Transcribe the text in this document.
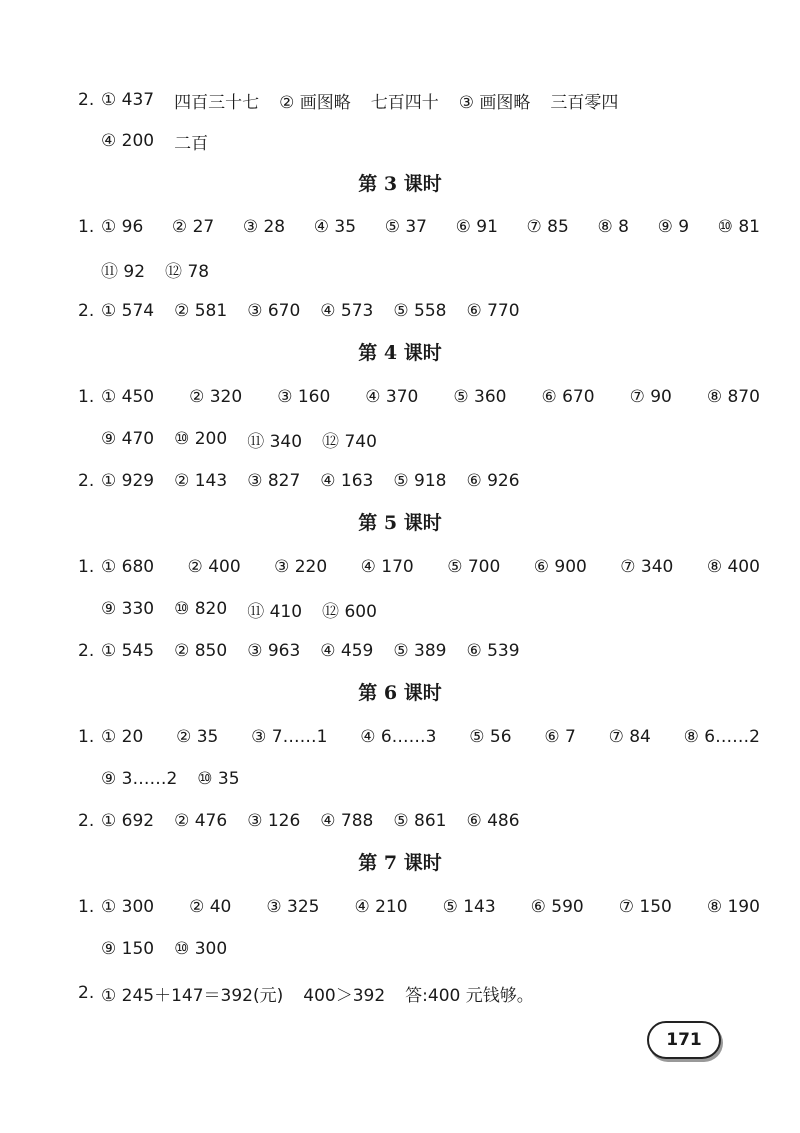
2. ① 437 四百三十七 ② 画图略 七百四十 ③ 画图略 三百零四
④ 200 二百
第 3 课时
1. ① 96 ② 27 ③ 28 ④ 35 ⑤ 37 ⑥ 91 ⑦ 85 ⑧ 8 ⑨ 9 ⑩ 81
⑪ 92 ⑫ 78
2. ① 574 ② 581 ③ 670 ④ 573 ⑤ 558 ⑥ 770
第 4 课时
1. ① 450 ② 320 ③ 160 ④ 370 ⑤ 360 ⑥ 670 ⑦ 90 ⑧ 870
⑨ 470 ⑩ 200 ⑪ 340 ⑫ 740
2. ① 929 ② 143 ③ 827 ④ 163 ⑤ 918 ⑥ 926
第 5 课时
1. ① 680 ② 400 ③ 220 ④ 170 ⑤ 700 ⑥ 900 ⑦ 340 ⑧ 400
⑨ 330 ⑩ 820 ⑪ 410 ⑫ 600
2. ① 545 ② 850 ③ 963 ④ 459 ⑤ 389 ⑥ 539
第 6 课时
1. ① 20 ② 35 ③ 7……1 ④ 6……3 ⑤ 56 ⑥ 7 ⑦ 84 ⑧ 6……2
⑨ 3……2 ⑩ 35
2. ① 692 ② 476 ③ 126 ④ 788 ⑤ 861 ⑥ 486
第 7 课时
1. ① 300 ② 40 ③ 325 ④ 210 ⑤ 143 ⑥ 590 ⑦ 150 ⑧ 190
⑨ 150 ⑩ 300
2. ① 245＋147＝392(元) 400＞392 答:400 元钱够。
171
